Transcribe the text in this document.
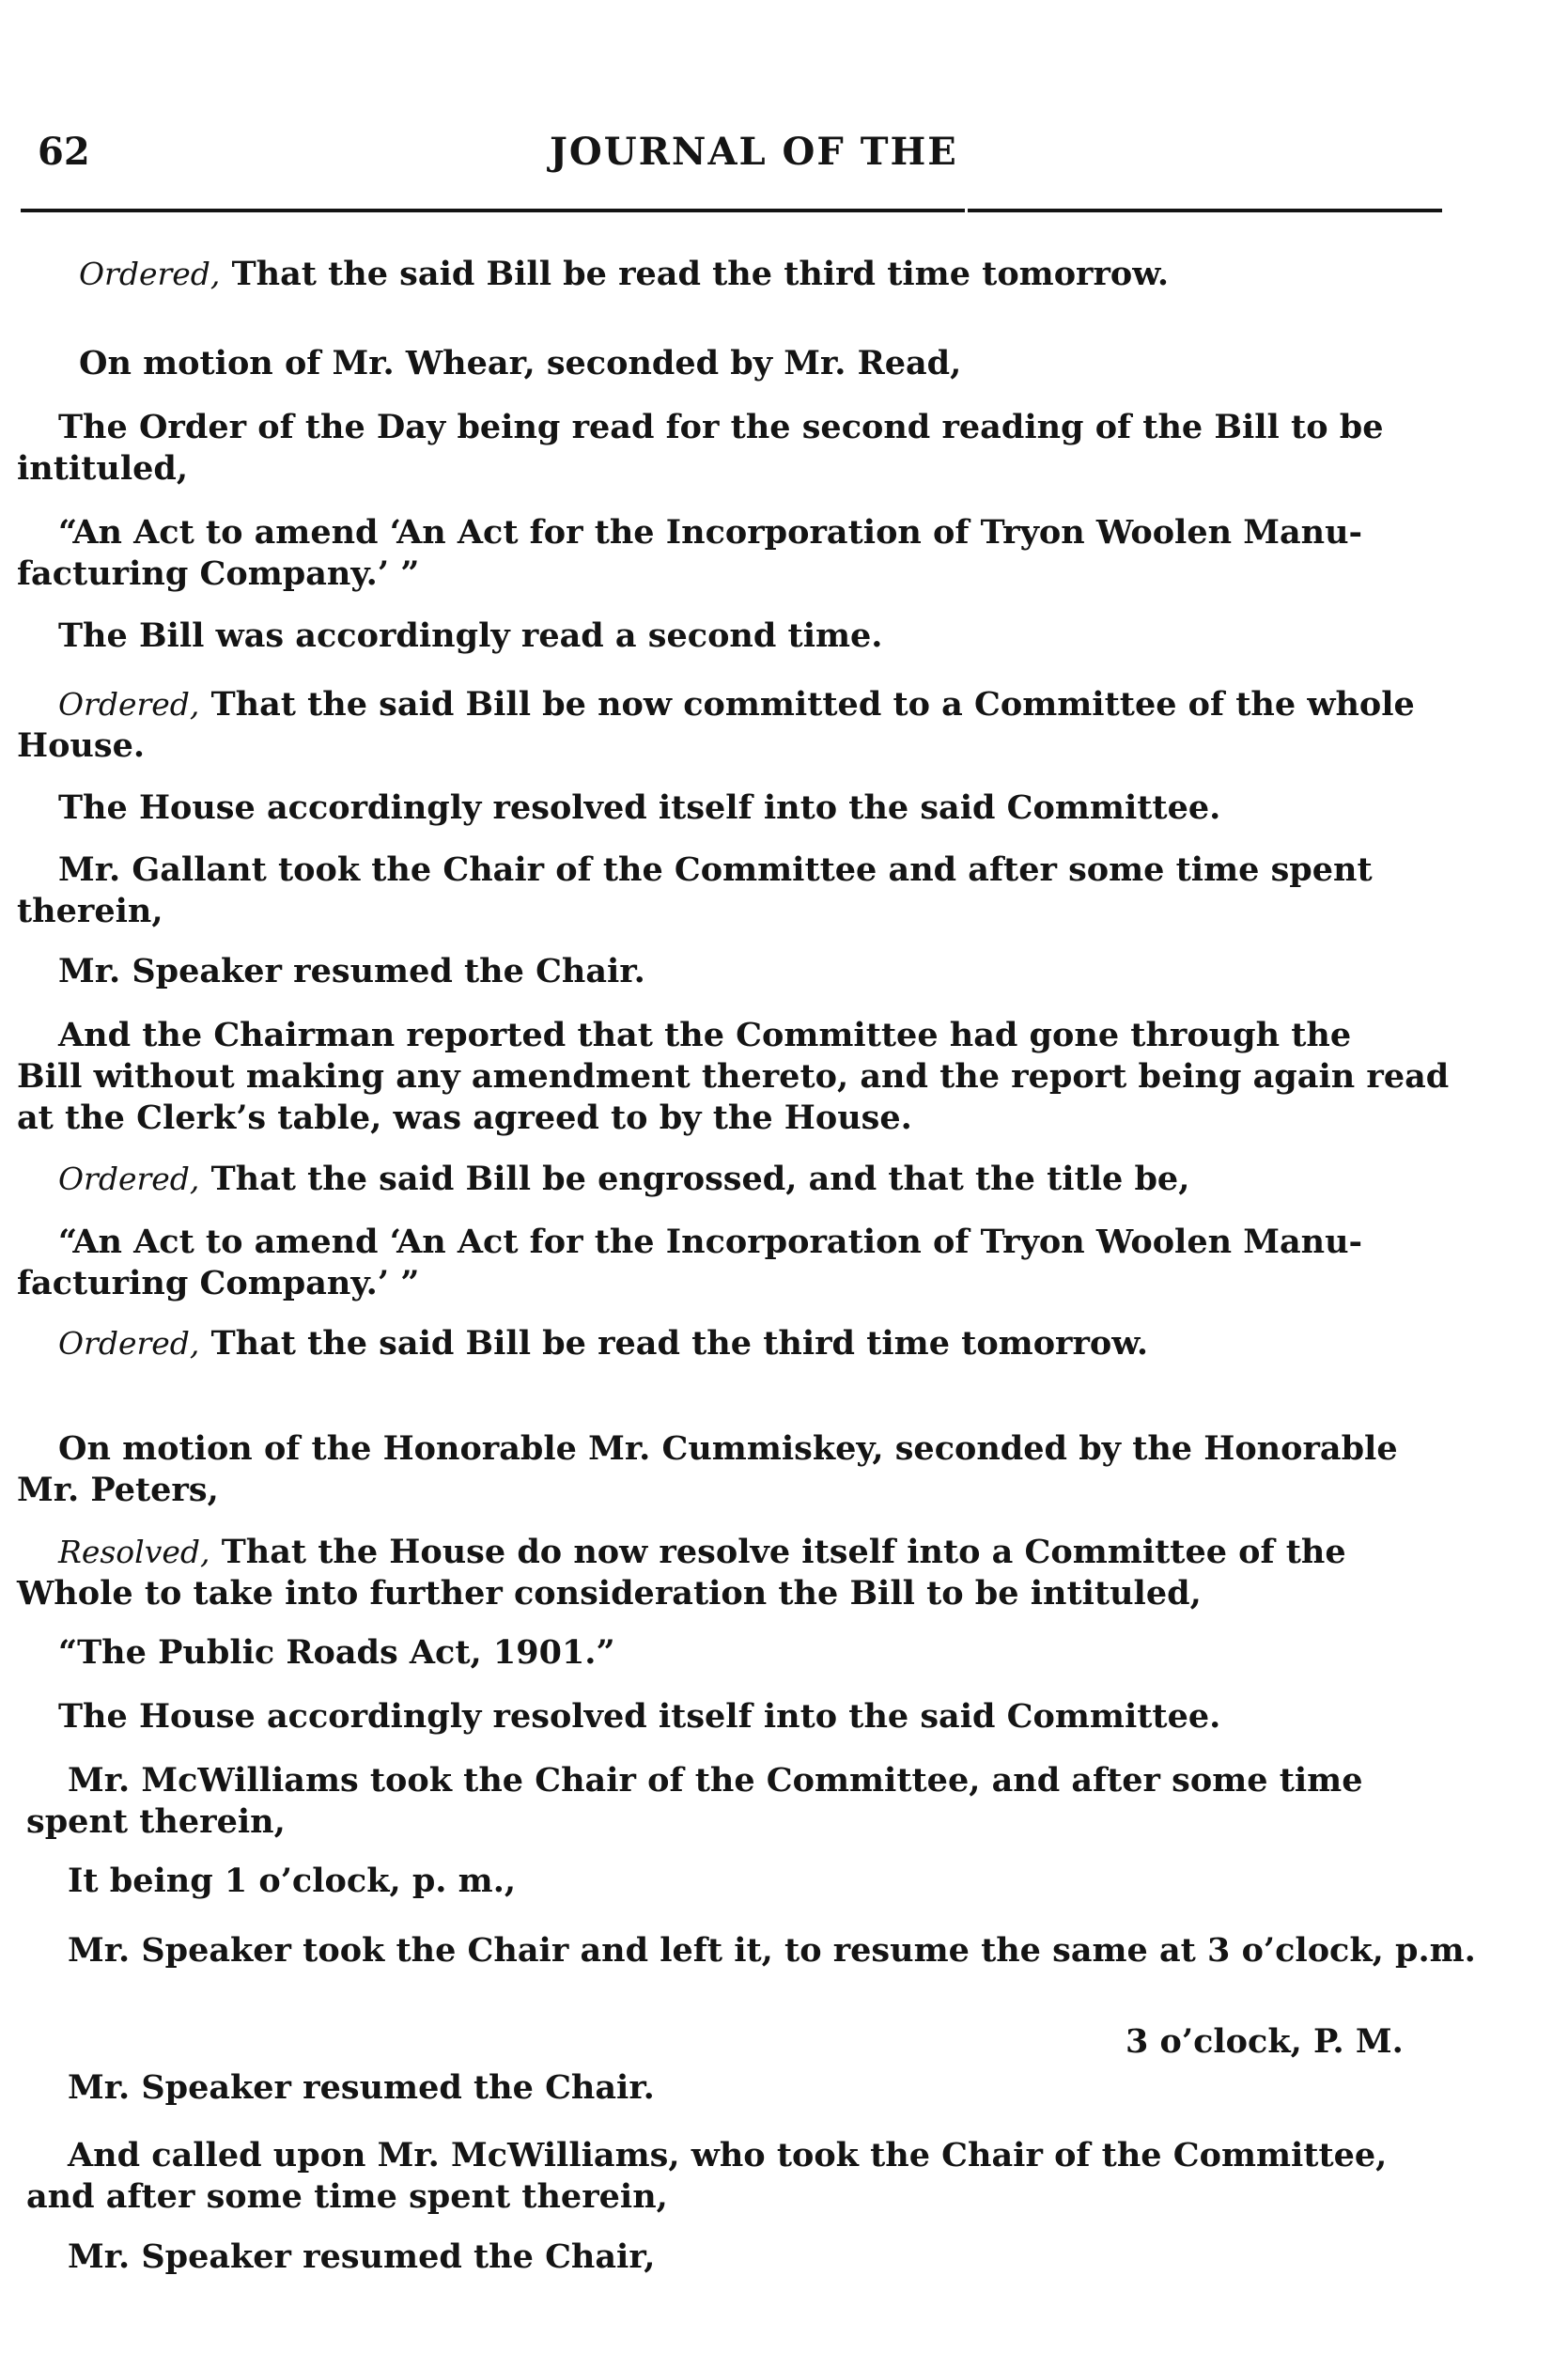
62	JOURNAL OF THE

Ordered, That the said Bill be read the third time tomorrow.

On motion of Mr. Whear, seconded by Mr. Read,

The Order of the Day being read for the second reading of the Bill to be
intituled,

“An Act to amend ‘An Act for the Incorporation of Tryon Woolen Manu-
facturing Company.’ ”

The Bill was accordingly read a second time.

Ordered, That the said Bill be now committed to a Committee of the whole
House.

The House accordingly resolved itself into the said Committee.

Mr. Gallant took the Chair of the Committee and after some time spent
therein,

Mr. Speaker resumed the Chair.

And the Chairman reported that the Committee had gone through the
Bill without making any amendment thereto, and the report being again read
at the Clerk’s table, was agreed to by the House.

Ordered, That the said Bill be engrossed, and that the title be,

“An Act to amend ‘An Act for the Incorporation of Tryon Woolen Manu-
facturing Company.’ ”

Ordered, That the said Bill be read the third time tomorrow.

On motion of the Honorable Mr. Cummiskey, seconded by the Honorable
Mr. Peters,

Resolved, That the House do now resolve itself into a Committee of the
Whole to take into further consideration the Bill to be intituled,

“The Public Roads Act, 1901.”

The House accordingly resolved itself into the said Committee.

Mr. McWilliams took the Chair of the Committee, and after some time
spent therein,

It being 1 o’clock, p. m.,

Mr. Speaker took the Chair and left it, to resume the same at 3 o’clock, p.m.

3 o’clock, P. M.

Mr. Speaker resumed the Chair.

And called upon Mr. McWilliams, who took the Chair of the Committee,
and after some time spent therein,

Mr. Speaker resumed the Chair,
